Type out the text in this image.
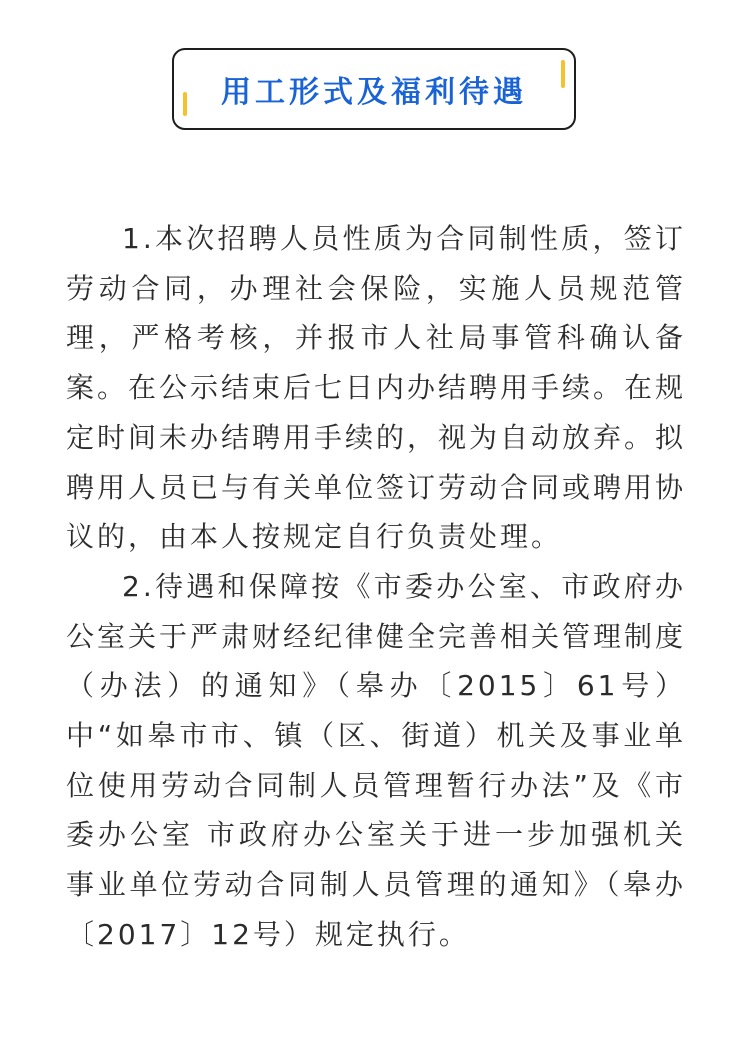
用工形式及福利待遇

1.本次招聘人员性质为合同制性质，签订劳动合同，办理社会保险，实施人员规范管理，严格考核，并报市人社局事管科确认备案。在公示结束后七日内办结聘用手续。在规定时间未办结聘用手续的，视为自动放弃。拟聘用人员已与有关单位签订劳动合同或聘用协议的，由本人按规定自行负责处理。

2.待遇和保障按《市委办公室、市政府办公室关于严肃财经纪律健全完善相关管理制度（办法）的通知》（皋办〔2015〕61号）中“如皋市市、镇（区、街道）机关及事业单位使用劳动合同制人员管理暂行办法”及《市委办公室 市政府办公室关于进一步加强机关事业单位劳动合同制人员管理的通知》（皋办〔2017〕12号）规定执行。
